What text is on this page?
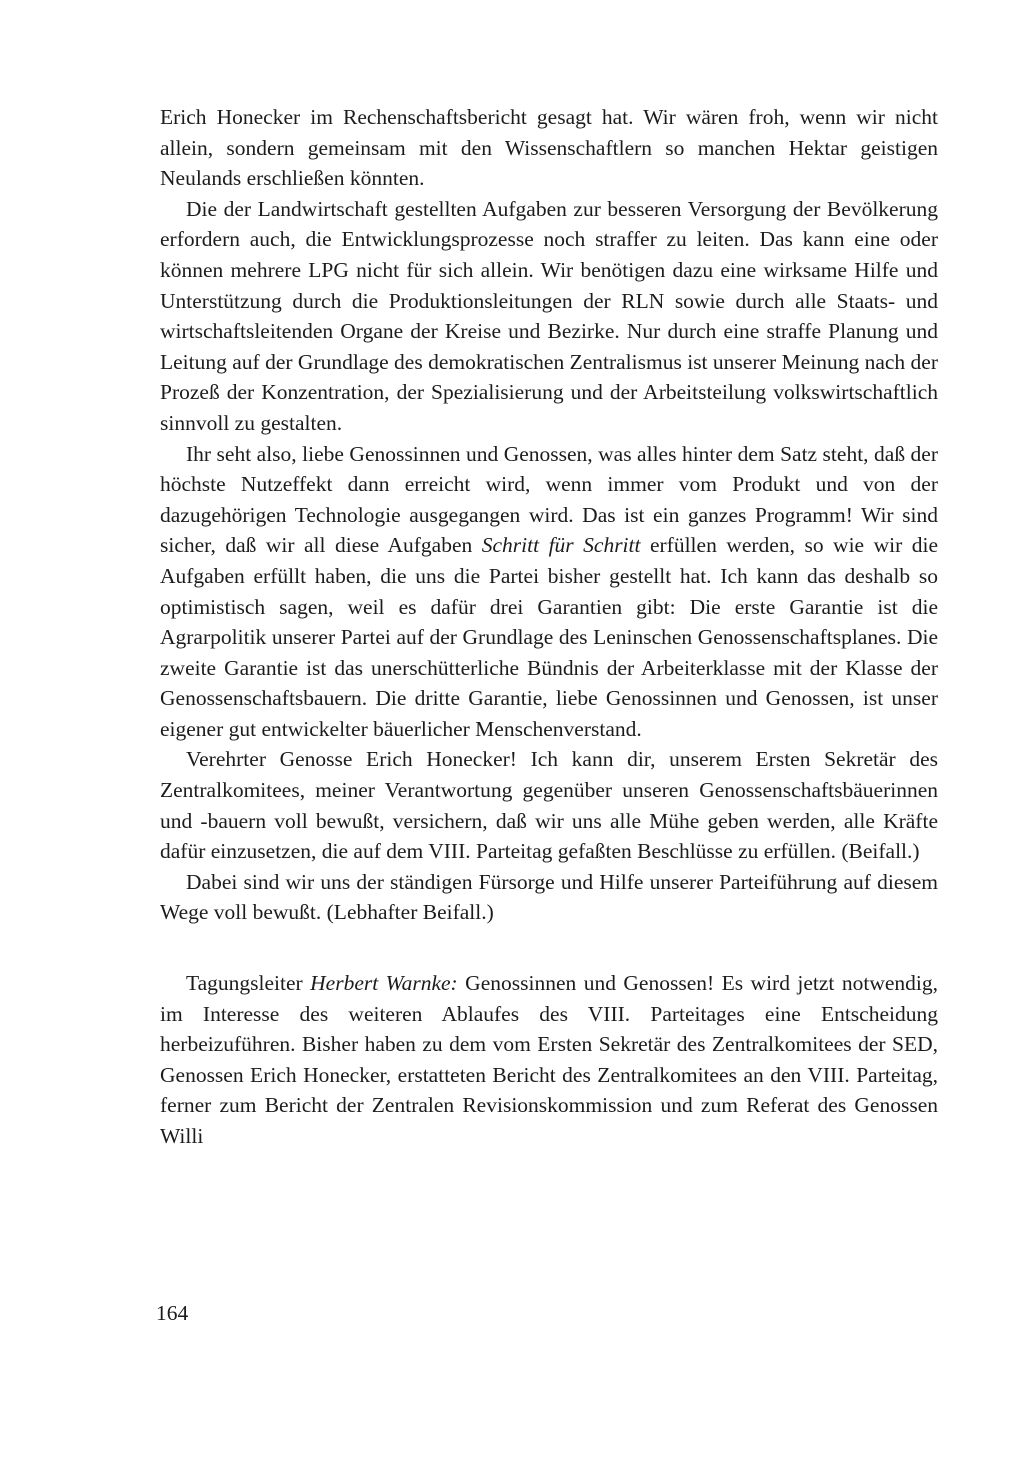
Erich Honecker im Rechenschaftsbericht gesagt hat. Wir wären froh, wenn wir nicht allein, sondern gemeinsam mit den Wissenschaftlern so manchen Hektar geistigen Neulands erschließen könnten.

Die der Landwirtschaft gestellten Aufgaben zur besseren Versorgung der Bevölkerung erfordern auch, die Entwicklungsprozesse noch straffer zu leiten. Das kann eine oder können mehrere LPG nicht für sich allein. Wir benötigen dazu eine wirksame Hilfe und Unterstützung durch die Produktionsleitungen der RLN sowie durch alle Staats- und wirtschaftsleitenden Organe der Kreise und Bezirke. Nur durch eine straffe Planung und Leitung auf der Grundlage des demokratischen Zentralismus ist unserer Meinung nach der Prozeß der Konzentration, der Spezialisierung und der Arbeitsteilung volkswirtschaftlich sinnvoll zu gestalten.

Ihr seht also, liebe Genossinnen und Genossen, was alles hinter dem Satz steht, daß der höchste Nutzeffekt dann erreicht wird, wenn immer vom Produkt und von der dazugehörigen Technologie ausgegangen wird. Das ist ein ganzes Programm! Wir sind sicher, daß wir all diese Aufgaben Schritt für Schritt erfüllen werden, so wie wir die Aufgaben erfüllt haben, die uns die Partei bisher gestellt hat. Ich kann das deshalb so optimistisch sagen, weil es dafür drei Garantien gibt: Die erste Garantie ist die Agrarpolitik unserer Partei auf der Grundlage des Leninschen Genossenschaftsplanes. Die zweite Garantie ist das unerschütterliche Bündnis der Arbeiterklasse mit der Klasse der Genossenschaftsbauern. Die dritte Garantie, liebe Genossinnen und Genossen, ist unser eigener gut entwickelter bäuerlicher Menschenverstand.

Verehrter Genosse Erich Honecker! Ich kann dir, unserem Ersten Sekretär des Zentralkomitees, meiner Verantwortung gegenüber unseren Genossenschaftsbäuerinnen und -bauern voll bewußt, versichern, daß wir uns alle Mühe geben werden, alle Kräfte dafür einzusetzen, die auf dem VIII. Parteitag gefaßten Beschlüsse zu erfüllen. (Beifall.)

Dabei sind wir uns der ständigen Fürsorge und Hilfe unserer Parteiführung auf diesem Wege voll bewußt. (Lebhafter Beifall.)

Tagungsleiter Herbert Warnke: Genossinnen und Genossen! Es wird jetzt notwendig, im Interesse des weiteren Ablaufes des VIII. Parteitages eine Entscheidung herbeizuführen. Bisher haben zu dem vom Ersten Sekretär des Zentralkomitees der SED, Genossen Erich Honecker, erstatteten Bericht des Zentralkomitees an den VIII. Parteitag, ferner zum Bericht der Zentralen Revisionskommission und zum Referat des Genossen Willi

164
